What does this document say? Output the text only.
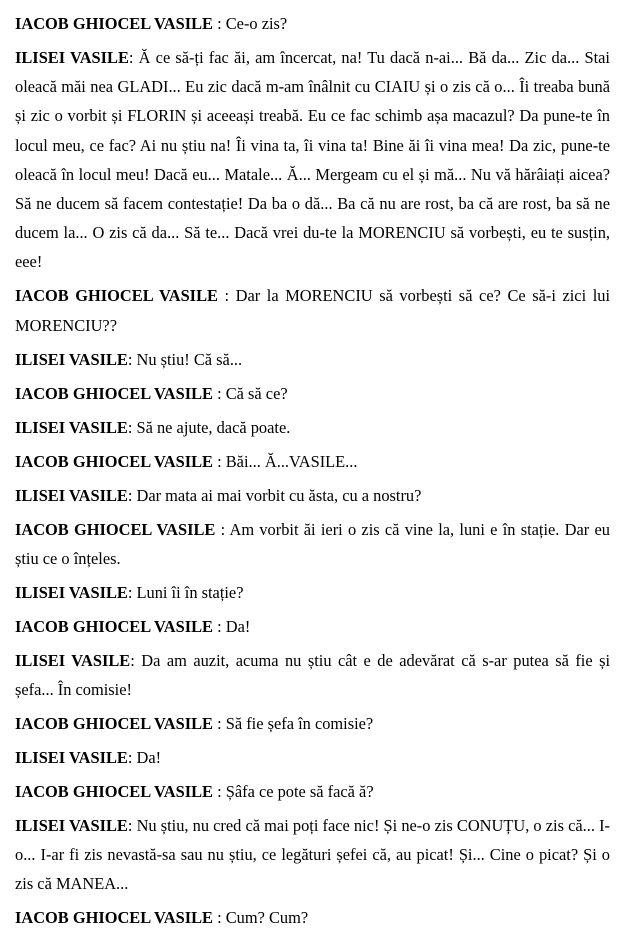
IACOB GHIOCEL VASILE : Ce-o zis?

ILISEI VASILE: Ă ce să-ți fac ăi, am încercat, na! Tu dacă n-ai... Bă da... Zic da... Stai oleacă măi nea GLADI... Eu zic dacă m-am înâlnit cu CIAIU și o zis că o... Îi treaba bună și zic o vorbit și FLORIN și aceeași treabă. Eu ce fac schimb așa macazul? Da pune-te în locul meu, ce fac? Ai nu știu na! Îi vina ta, îi vina ta! Bine ăi îi vina mea! Da zic, pune-te oleacă în locul meu! Dacă eu... Matale... Ă... Mergeam cu el și mă... Nu vă hărâiați aicea? Să ne ducem să facem contestație! Da ba o dă... Ba că nu are rost, ba că are rost, ba să ne ducem la... O zis că da... Să te... Dacă vrei du-te la MORENCIU să vorbești, eu te susțin, eee!

IACOB GHIOCEL VASILE : Dar la MORENCIU să vorbești să ce? Ce să-i zici lui MORENCIU??

ILISEI VASILE: Nu știu! Că să...

IACOB GHIOCEL VASILE : Că să ce?

ILISEI VASILE: Să ne ajute, dacă poate.

IACOB GHIOCEL VASILE : Băi... Ă...VASILE...

ILISEI VASILE: Dar mata ai mai vorbit cu ăsta, cu a nostru?

IACOB GHIOCEL VASILE : Am vorbit ăi ieri o zis că vine la, luni e în stație. Dar eu știu ce o înțeles.

ILISEI VASILE: Luni îi în stație?

IACOB GHIOCEL VASILE : Da!

ILISEI VASILE: Da am auzit, acuma nu știu cât e de adevărat că s-ar putea să fie și șefa... În comisie!

IACOB GHIOCEL VASILE : Să fie șefa în comisie?

ILISEI VASILE: Da!

IACOB GHIOCEL VASILE : Șâfa ce pote să facă ă?

ILISEI VASILE: Nu știu, nu cred că mai poți face nic! Și ne-o zis CONUȚU, o zis că... I-o... I-ar fi zis nevastă-sa sau nu știu, ce legături șefei că, au picat! Și... Cine o picat? Și o zis că MANEA...

IACOB GHIOCEL VASILE : Cum? Cum?
